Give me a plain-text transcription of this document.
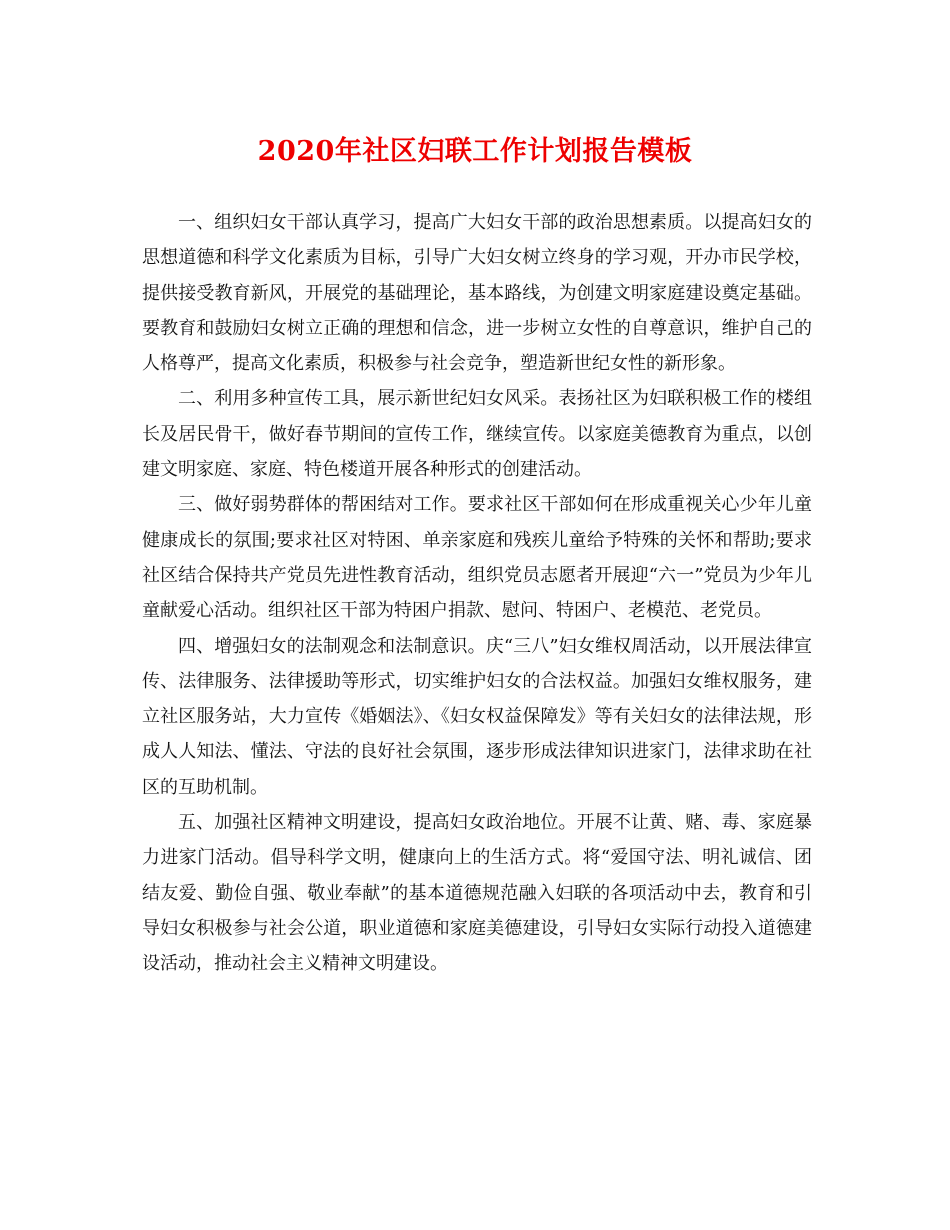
2020年社区妇联工作计划报告模板

一、组织妇女干部认真学习，提高广大妇女干部的政治思想素质。以提高妇女的思想道德和科学文化素质为目标，引导广大妇女树立终身的学习观，开办市民学校，提供接受教育新风，开展党的基础理论，基本路线，为创建文明家庭建设奠定基础。要教育和鼓励妇女树立正确的理想和信念，进一步树立女性的自尊意识，维护自己的人格尊严，提高文化素质，积极参与社会竞争，塑造新世纪女性的新形象。

二、利用多种宣传工具，展示新世纪妇女风采。表扬社区为妇联积极工作的楼组长及居民骨干，做好春节期间的宣传工作，继续宣传。以家庭美德教育为重点，以创建文明家庭、家庭、特色楼道开展各种形式的创建活动。

三、做好弱势群体的帮困结对工作。要求社区干部如何在形成重视关心少年儿童健康成长的氛围;要求社区对特困、单亲家庭和残疾儿童给予特殊的关怀和帮助;要求社区结合保持共产党员先进性教育活动，组织党员志愿者开展迎“六一”党员为少年儿童献爱心活动。组织社区干部为特困户捐款、慰问、特困户、老模范、老党员。

四、增强妇女的法制观念和法制意识。庆“三八”妇女维权周活动，以开展法律宣传、法律服务、法律援助等形式，切实维护妇女的合法权益。加强妇女维权服务，建立社区服务站，大力宣传《婚姻法》、《妇女权益保障发》等有关妇女的法律法规，形成人人知法、懂法、守法的良好社会氛围，逐步形成法律知识进家门，法律求助在社区的互助机制。

五、加强社区精神文明建设，提高妇女政治地位。开展不让黄、赌、毒、家庭暴力进家门活动。倡导科学文明，健康向上的生活方式。将“爱国守法、明礼诚信、团结友爱、勤俭自强、敬业奉献”的基本道德规范融入妇联的各项活动中去，教育和引导妇女积极参与社会公道，职业道德和家庭美德建设，引导妇女实际行动投入道德建设活动，推动社会主义精神文明建设。
